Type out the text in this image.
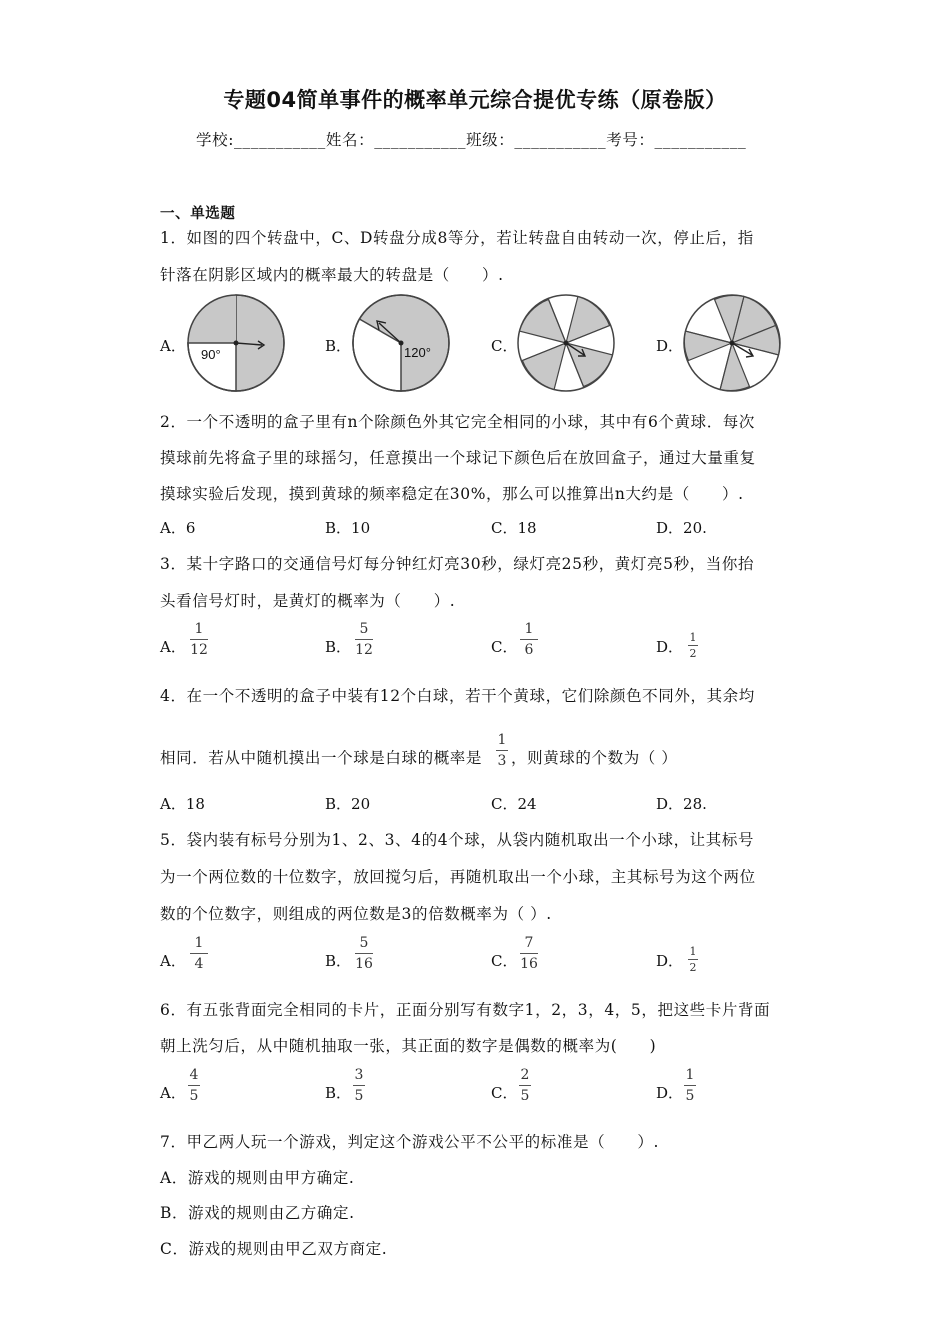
专题04简单事件的概率单元综合提优专练（原卷版）
学校:___________姓名：___________班级：___________考号：___________
一、单选题
1．如图的四个转盘中，C、D转盘分成8等分，若让转盘自由转动一次，停止后，指
针落在阴影区域内的概率最大的转盘是（　　）.
A．	B．	C．	D．
90°	120°
2．一个不透明的盒子里有n个除颜色外其它完全相同的小球，其中有6个黄球．每次
摸球前先将盒子里的球摇匀，任意摸出一个球记下颜色后在放回盒子，通过大量重复
摸球实验后发现，摸到黄球的频率稳定在30%，那么可以推算出n大约是（　　）.
A．6	B．10	C．18	D．20.
3．某十字路口的交通信号灯每分钟红灯亮30秒，绿灯亮25秒，黄灯亮5秒，当你抬
头看信号灯时，是黄灯的概率为（　　）.
A．
1
12	B．
5
12	C．
1
6	D．
1
2
4．在一个不透明的盒子中装有12个白球，若干个黄球，它们除颜色不同外，其余均
相同．若从中随机摸出一个球是白球的概率是
1
3 ，则黄球的个数为（ ）
A．18	B．20	C．24	D．28.
5．袋内装有标号分别为1、2、3、4的4个球，从袋内随机取出一个小球，让其标号
为一个两位数的十位数字，放回搅匀后，再随机取出一个小球，主其标号为这个两位
数的个位数字，则组成的两位数是3的倍数概率为（ ）.
A．
1
4	B．
5
16	C．
7
16	D．
1
2
6．有五张背面完全相同的卡片，正面分别写有数字1，2，3，4，5，把这些卡片背面
朝上洗匀后，从中随机抽取一张，其正面的数字是偶数的概率为(　　)
A．
4
5	B．
3
5	C．
2
5	D．
1
5
7．甲乙两人玩一个游戏，判定这个游戏公平不公平的标准是（　　）.
A．游戏的规则由甲方确定.
B．游戏的规则由乙方确定.
C．游戏的规则由甲乙双方商定.
